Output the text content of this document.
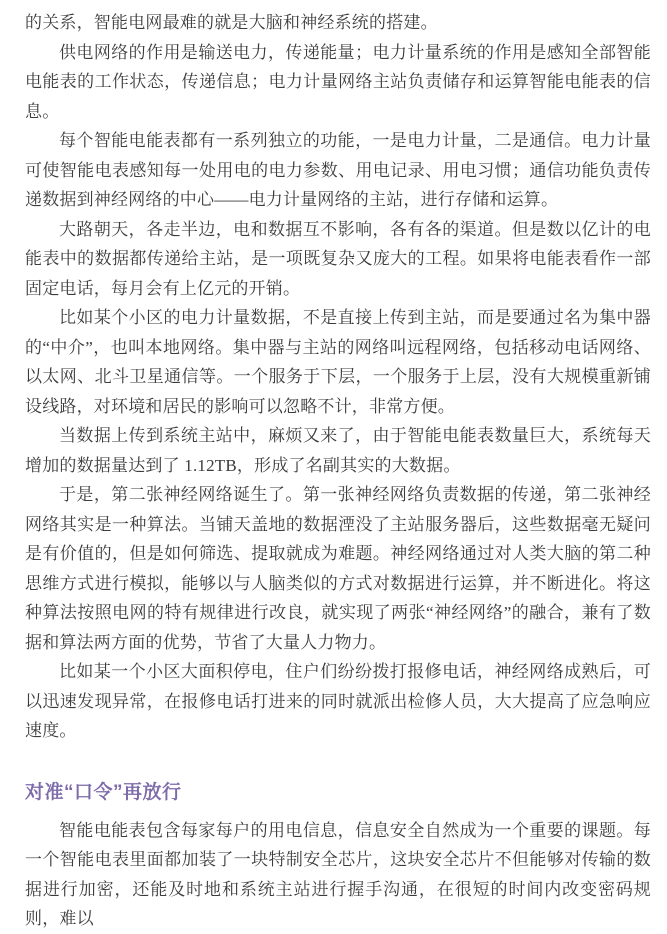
的关系，智能电网最难的就是大脑和神经系统的搭建。

供电网络的作用是输送电力，传递能量；电力计量系统的作用是感知全部智能电能表的工作状态，传递信息；电力计量网络主站负责储存和运算智能电能表的信息。

每个智能电能表都有一系列独立的功能，一是电力计量，二是通信。电力计量可使智能电表感知每一处用电的电力参数、用电记录、用电习惯；通信功能负责传递数据到神经网络的中心——电力计量网络的主站，进行存储和运算。

大路朝天，各走半边，电和数据互不影响，各有各的渠道。但是数以亿计的电能表中的数据都传递给主站，是一项既复杂又庞大的工程。如果将电能表看作一部固定电话，每月会有上亿元的开销。

比如某个小区的电力计量数据，不是直接上传到主站，而是要通过名为集中器的“中介”，也叫本地网络。集中器与主站的网络叫远程网络，包括移动电话网络、以太网、北斗卫星通信等。一个服务于下层，一个服务于上层，没有大规模重新铺设线路，对环境和居民的影响可以忽略不计，非常方便。

当数据上传到系统主站中，麻烦又来了，由于智能电能表数量巨大，系统每天增加的数据量达到了 1.12TB，形成了名副其实的大数据。

于是，第二张神经网络诞生了。第一张神经网络负责数据的传递，第二张神经网络其实是一种算法。当铺天盖地的数据湮没了主站服务器后，这些数据毫无疑问是有价值的，但是如何筛选、提取就成为难题。神经网络通过对人类大脑的第二种思维方式进行模拟，能够以与人脑类似的方式对数据进行运算，并不断进化。将这种算法按照电网的特有规律进行改良，就实现了两张“神经网络”的融合，兼有了数据和算法两方面的优势，节省了大量人力物力。

比如某一个小区大面积停电，住户们纷纷拨打报修电话，神经网络成熟后，可以迅速发现异常，在报修电话打进来的同时就派出检修人员，大大提高了应急响应速度。

对准“口令”再放行

智能电能表包含每家每户的用电信息，信息安全自然成为一个重要的课题。每一个智能电表里面都加装了一块特制安全芯片，这块安全芯片不但能够对传输的数据进行加密，还能及时地和系统主站进行握手沟通，在很短的时间内改变密码规则，难以
